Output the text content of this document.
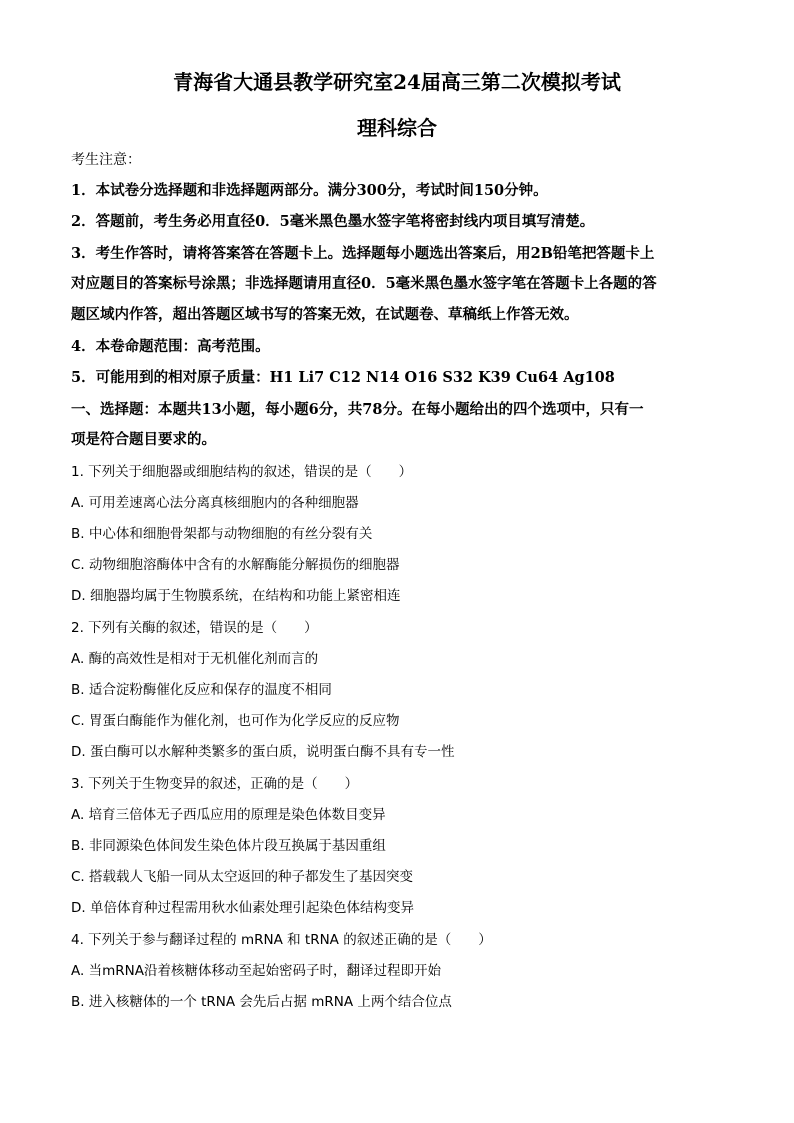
青海省大通县教学研究室24届高三第二次模拟考试
理科综合
考生注意：
1．本试卷分选择题和非选择题两部分。满分300分，考试时间150分钟。
2．答题前，考生务必用直径0．5毫米黑色墨水签字笔将密封线内项目填写清楚。
3．考生作答时，请将答案答在答题卡上。选择题每小题选出答案后，用2B铅笔把答题卡上
对应题目的答案标号涂黑；非选择题请用直径0．5毫米黑色墨水签字笔在答题卡上各题的答
题区域内作答，超出答题区域书写的答案无效，在试题卷、草稿纸上作答无效。
4．本卷命题范围：高考范围。
5．可能用到的相对原子质量：H1 Li7 C12 N14 O16 S32 K39 Cu64 Ag108
一、选择题：本题共13小题，每小题6分，共78分。在每小题给出的四个选项中，只有一
项是符合题目要求的。
1. 下列关于细胞器或细胞结构的叙述，错误的是（　　）
A. 可用差速离心法分离真核细胞内的各种细胞器
B. 中心体和细胞骨架都与动物细胞的有丝分裂有关
C. 动物细胞溶酶体中含有的水解酶能分解损伤的细胞器
D. 细胞器均属于生物膜系统，在结构和功能上紧密相连
2. 下列有关酶的叙述，错误的是（　　）
A. 酶的高效性是相对于无机催化剂而言的
B. 适合淀粉酶催化反应和保存的温度不相同
C. 胃蛋白酶能作为催化剂，也可作为化学反应的反应物
D. 蛋白酶可以水解种类繁多的蛋白质，说明蛋白酶不具有专一性
3. 下列关于生物变异的叙述，正确的是（　　）
A. 培育三倍体无子西瓜应用的原理是染色体数目变异
B. 非同源染色体间发生染色体片段互换属于基因重组
C. 搭载载人飞船一同从太空返回的种子都发生了基因突变
D. 单倍体育种过程需用秋水仙素处理引起染色体结构变异
4. 下列关于参与翻译过程的 mRNA 和 tRNA 的叙述正确的是（　　）
A. 当mRNA沿着核糖体移动至起始密码子时，翻译过程即开始
B. 进入核糖体的一个 tRNA 会先后占据 mRNA 上两个结合位点
